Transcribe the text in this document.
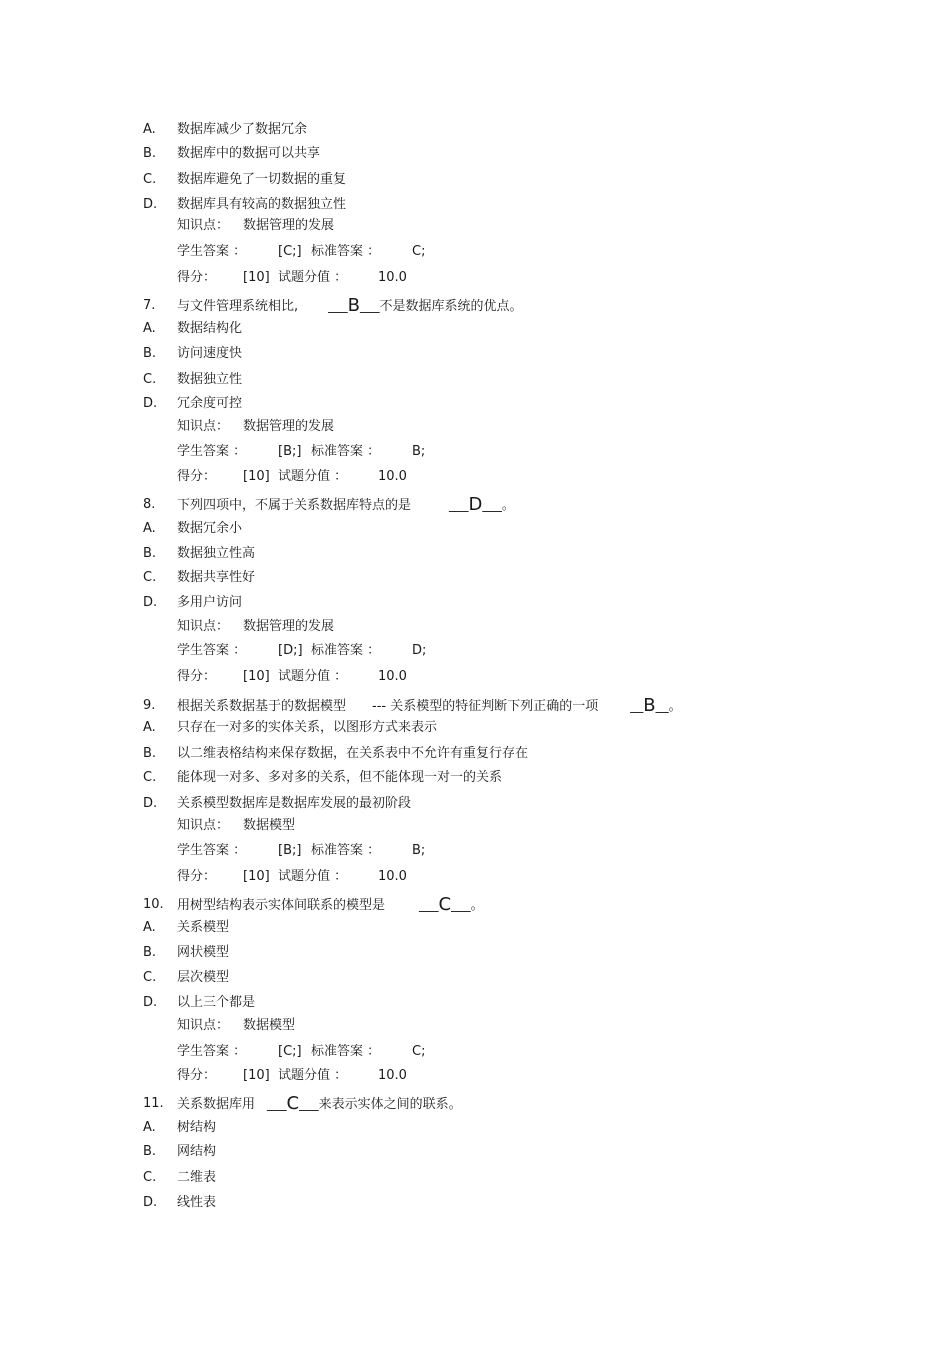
A. 数据库减少了数据冗余
B. 数据库中的数据可以共享
C. 数据库避免了一切数据的重复
D. 数据库具有较高的数据独立性
知识点： 数据管理的发展
学生答案 ： [C;] 标准答案 ： C;
得分： [10] 试题分值 ： 10.0
7. 与文件管理系统相比, ___B___不是数据库系统的优点。
A. 数据结构化
B. 访问速度快
C. 数据独立性
D. 冗余度可控
知识点： 数据管理的发展
学生答案 ： [B;] 标准答案 ： B;
得分： [10] 试题分值 ： 10.0
8. 下列四项中，不属于关系数据库特点的是	___D___。
A. 数据冗余小
B. 数据独立性高
C. 数据共享性好
D. 多用户访问
知识点： 数据管理的发展
学生答案 ： [D;] 标准答案 ： D;
得分： [10] 试题分值 ： 10.0
9. 根据关系数据基于的数据模型 --- 关系模型的特征判断下列正确的一项 __B__。
A. 只存在一对多的实体关系，以图形方式来表示
B. 以二维表格结构来保存数据，在关系表中不允许有重复行存在
C. 能体现一对多、多对多的关系，但不能体现一对一的关系
D. 关系模型数据库是数据库发展的最初阶段
知识点： 数据模型
学生答案 ： [B;] 标准答案 ： B;
得分： [10] 试题分值 ： 10.0
10. 用树型结构表示实体间联系的模型是	___C___。
A. 关系模型
B. 网状模型
C. 层次模型
D. 以上三个都是
知识点： 数据模型
学生答案 ： [C;] 标准答案 ： C;
得分： [10] 试题分值 ： 10.0
11. 关系数据库用 ___C___来表示实体之间的联系。
A. 树结构
B. 网结构
C. 二维表
D. 线性表
